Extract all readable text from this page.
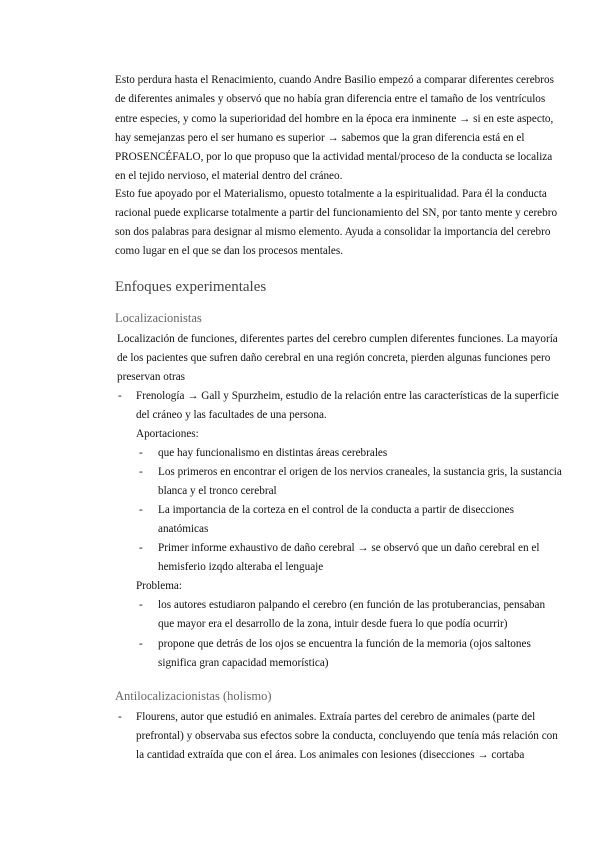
Esto perdura hasta el Renacimiento, cuando Andre Basilio empezó a comparar diferentes cerebros
de diferentes animales y observó que no había gran diferencia entre el tamaño de los ventrículos
entre especies, y como la superioridad del hombre en la época era inminente → si en este aspecto,
hay semejanzas pero el ser humano es superior → sabemos que la gran diferencia está en el
PROSENCÉFALO, por lo que propuso que la actividad mental/proceso de la conducta se localiza
en el tejido nervioso, el material dentro del cráneo.
Esto fue apoyado por el Materialismo, opuesto totalmente a la espiritualidad. Para él la conducta
racional puede explicarse totalmente a partir del funcionamiento del SN, por tanto mente y cerebro
son dos palabras para designar al mismo elemento. Ayuda a consolidar la importancia del cerebro
como lugar en el que se dan los procesos mentales.
Enfoques experimentales
Localizacionistas
Localización de funciones, diferentes partes del cerebro cumplen diferentes funciones. La mayoría
de los pacientes que sufren daño cerebral en una región concreta, pierden algunas funciones pero
preservan otras
- Frenología → Gall y Spurzheim, estudio de la relación entre las características de la superficie
del cráneo y las facultades de una persona.
Aportaciones:
- que hay funcionalismo en distintas áreas cerebrales
- Los primeros en encontrar el origen de los nervios craneales, la sustancia gris, la sustancia
blanca y el tronco cerebral
- La importancia de la corteza en el control de la conducta a partir de disecciones
anatómicas
- Primer informe exhaustivo de daño cerebral → se observó que un daño cerebral en el
hemisferio izqdo alteraba el lenguaje
Problema:
- los autores estudiaron palpando el cerebro (en función de las protuberancias, pensaban
que mayor era el desarrollo de la zona, intuir desde fuera lo que podía ocurrir)
- propone que detrás de los ojos se encuentra la función de la memoria (ojos saltones
significa gran capacidad memorística)
Antilocalizacionistas (holismo)
- Flourens, autor que estudió en animales. Extraía partes del cerebro de animales (parte del
prefrontal) y observaba sus efectos sobre la conducta, concluyendo que tenía más relación con
la cantidad extraída que con el área. Los animales con lesiones (disecciones → cortaba
